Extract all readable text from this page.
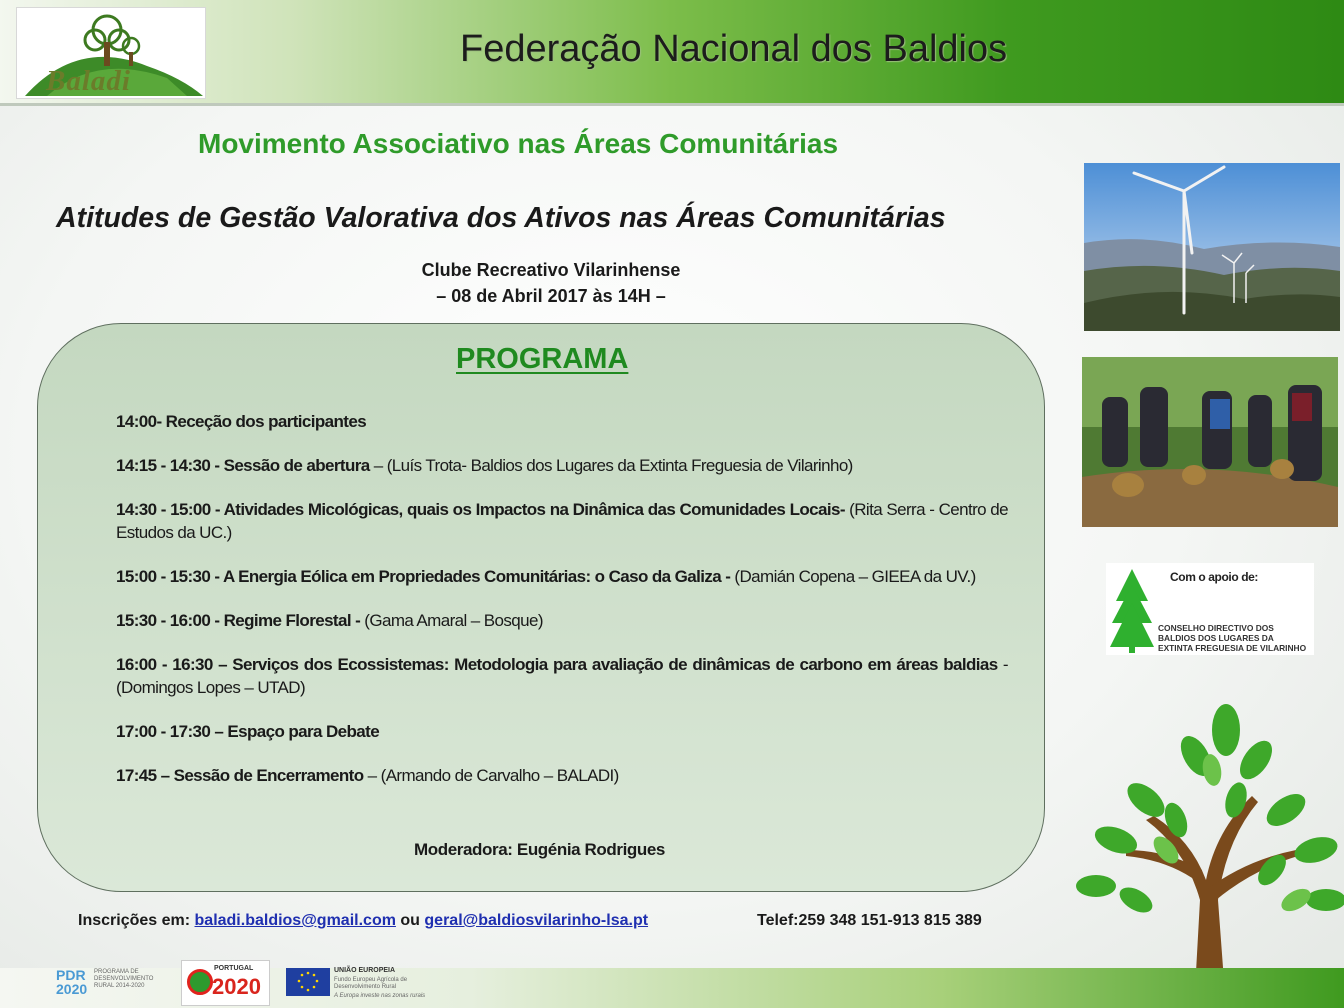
Baladi
Federação Nacional dos Baldios
Movimento Associativo nas Áreas Comunitárias
Atitudes de Gestão Valorativa dos Ativos nas Áreas Comunitárias
Clube Recreativo Vilarinhense
– 08 de Abril 2017 às 14H –
PROGRAMA
14:00- Receção dos participantes
14:15 - 14:30 - Sessão de abertura – (Luís Trota- Baldios dos Lugares da Extinta Freguesia de Vilarinho)
14:30 - 15:00 - Atividades Micológicas, quais os Impactos na Dinâmica das Comunidades Locais- (Rita Serra - Centro de Estudos da UC.)
15:00 - 15:30 - A Energia Eólica em Propriedades Comunitárias: o Caso da Galiza - (Damián Copena – GIEEA da UV.)
15:30 - 16:00 - Regime Florestal - (Gama Amaral – Bosque)
16:00 - 16:30 – Serviços dos Ecossistemas: Metodologia para avaliação de dinâmicas de carbono em áreas baldias - (Domingos Lopes – UTAD)
17:00 - 17:30 – Espaço para Debate
17:45 – Sessão de Encerramento – (Armando de Carvalho – BALADI)
Moderadora: Eugénia Rodrigues
Inscrições em: baladi.baldios@gmail.com ou geral@baldiosvilarinho-lsa.pt	Telef:259 348 151-913 815 389
Com o apoio de:
CONSELHO DIRECTIVO DOS BALDIOS DOS LUGARES DA EXTINTA FREGUESIA DE VILARINHO
PDR
2020
PROGRAMA DE DESENVOLVIMENTO RURAL 2014-2020
PORTUGAL
2020
UNIÃO EUROPEIA
Fundo Europeu Agrícola de Desenvolvimento Rural
A Europa investe nas zonas rurais
